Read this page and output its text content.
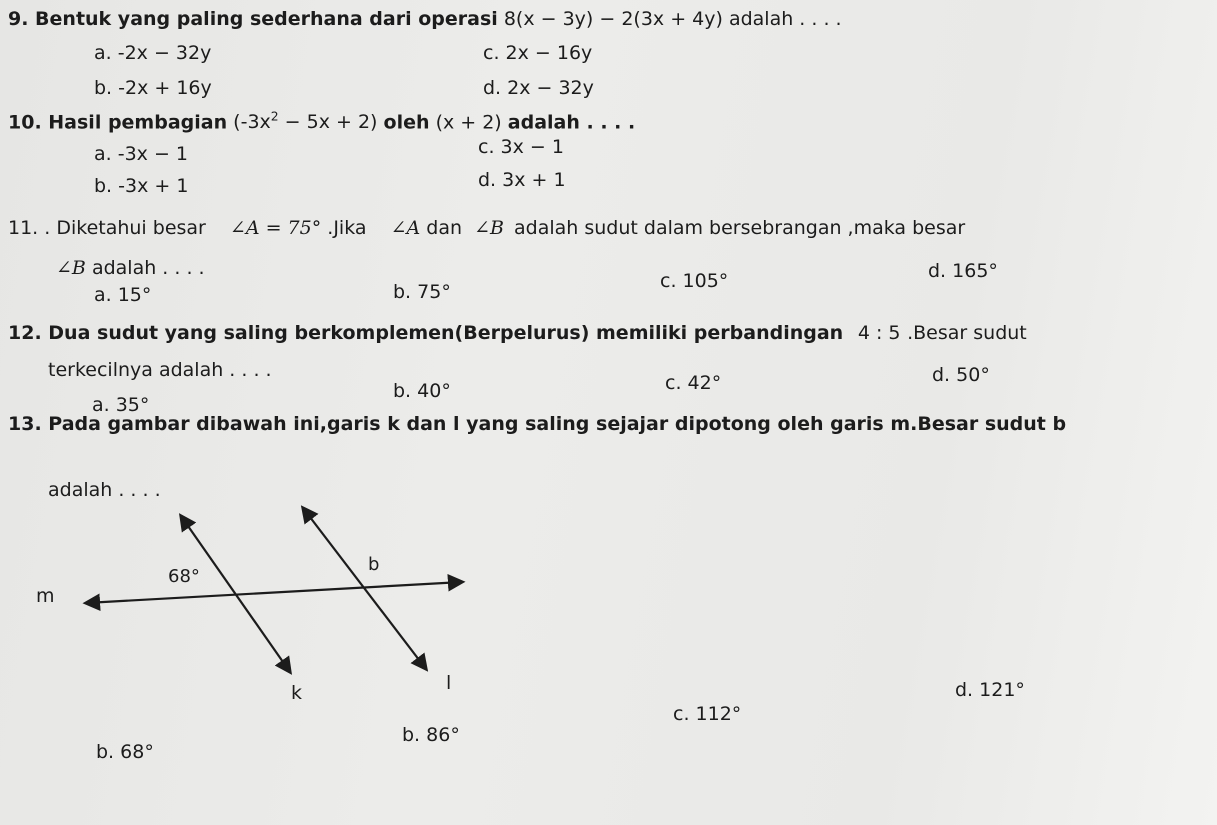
9. Bentuk yang paling sederhana dari operasi 8(x − 3y) − 2(3x + 4y) adalah . . . .
a. -2x − 32y	c. 2x − 16y
b. -2x + 16y	d. 2x − 32y
10. Hasil pembagian $(-3x^2 - 5x + 2)$ oleh (x + 2) adalah . . . .
a. -3x − 1	c. 3x − 1
b. -3x + 1	d. 3x + 1
11. . Diketahui besar ∠A = 75° .Jika ∠A dan ∠B adalah sudut dalam bersebrangan ,maka besar
∠B adalah . . . .
a. 15°	b. 75°	c. 105°	d. 165°
12. Dua sudut yang saling berkomplemen(Berpelurus) memiliki perbandingan 4 : 5 .Besar sudut
terkecilnya adalah . . . .
a. 35°
b. 40°	c. 42°	d. 50°
13. Pada gambar dibawah ini,garis k dan l yang saling sejajar dipotong oleh garis m.Besar sudut b
adalah . . . .
68°
b
m
k	l
b. 68°
b. 86°
c. 112°
d. 121°
